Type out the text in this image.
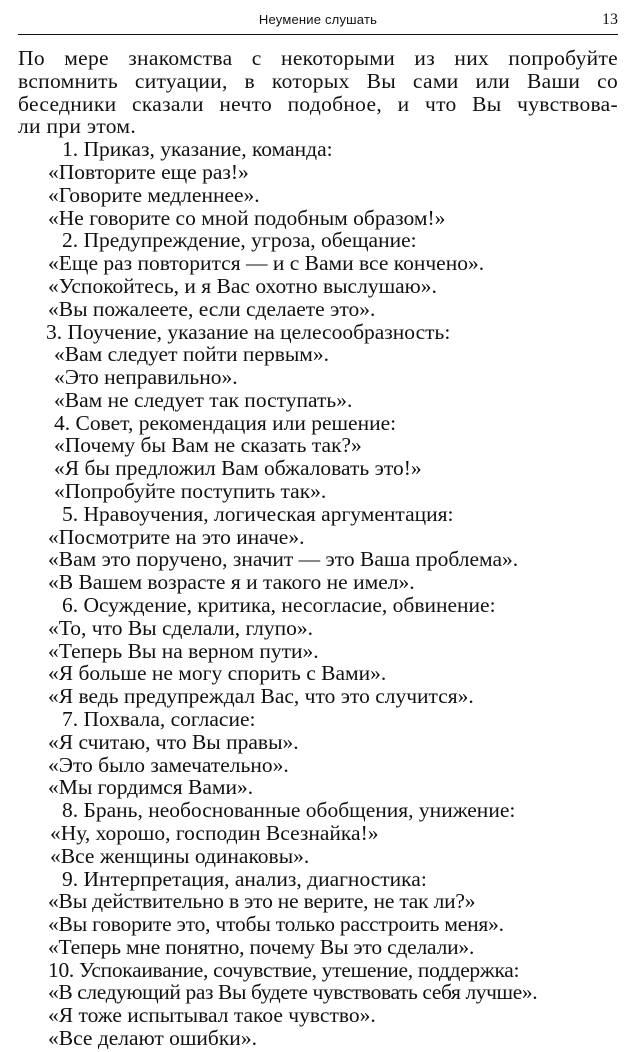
Неумение слушать	13
По мере знакомства с некоторыми из них попробуйте
вспомнить ситуации, в которых Вы сами или Ваши со
беседники сказали нечто подобное, и что Вы чувствова-
ли при этом.
1. Приказ, указание, команда:
«Повторите еще раз!»
«Говорите медленнее».
«Не говорите со мной подобным образом!»
2. Предупреждение, угроза, обещание:
«Еще раз повторится — и с Вами все кончено».
«Успокойтесь, и я Вас охотно выслушаю».
«Вы пожалеете, если сделаете это».
3. Поучение, указание на целесообразность:
«Вам следует пойти первым».
«Это неправильно».
«Вам не следует так поступать».
4. Совет, рекомендация или решение:
«Почему бы Вам не сказать так?»
«Я бы предложил Вам обжаловать это!»
«Попробуйте поступить так».
5. Нравоучения, логическая аргументация:
«Посмотрите на это иначе».
«Вам это поручено, значит — это Ваша проблема».
«В Вашем возрасте я и такого не имел».
6. Осуждение, критика, несогласие, обвинение:
«То, что Вы сделали, глупо».
«Теперь Вы на верном пути».
«Я больше не могу спорить с Вами».
«Я ведь предупреждал Вас, что это случится».
7. Похвала, согласие:
«Я считаю, что Вы правы».
«Это было замечательно».
«Мы гордимся Вами».
8. Брань, необоснованные обобщения, унижение:
«Ну, хорошо, господин Всезнайка!»
«Все женщины одинаковы».
9. Интерпретация, анализ, диагностика:
«Вы действительно в это не верите, не так ли?»
«Вы говорите это, чтобы только расстроить меня».
«Теперь мне понятно, почему Вы это сделали».
10. Успокаивание, сочувствие, утешение, поддержка:
«В следующий раз Вы будете чувствовать себя лучше».
«Я тоже испытывал такое чувство».
«Все делают ошибки».
